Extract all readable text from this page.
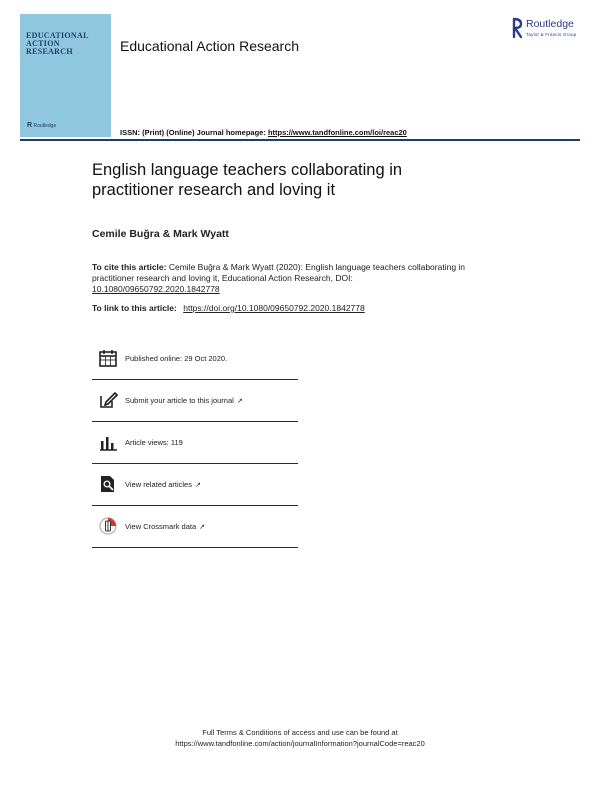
EDUCATIONAL
ACTION
RESEARCH
R Routledge
Educational Action Research
ISSN: (Print) (Online) Journal homepage: https://www.tandfonline.com/loi/reac20
Routledge
Taylor & Francis Group
English language teachers collaborating in practitioner research and loving it
Cemile Buğra & Mark Wyatt
To cite this article: Cemile Buğra & Mark Wyatt (2020): English language teachers collaborating in practitioner research and loving it, Educational Action Research, DOI: 10.1080/09650792.2020.1842778
To link to this article: https://doi.org/10.1080/09650792.2020.1842778
Published online: 29 Oct 2020.
Submit your article to this journal ↗
Article views: 119
View related articles ↗
View Crossmark data ↗
Full Terms & Conditions of access and use can be found at
https://www.tandfonline.com/action/journalInformation?journalCode=reac20
